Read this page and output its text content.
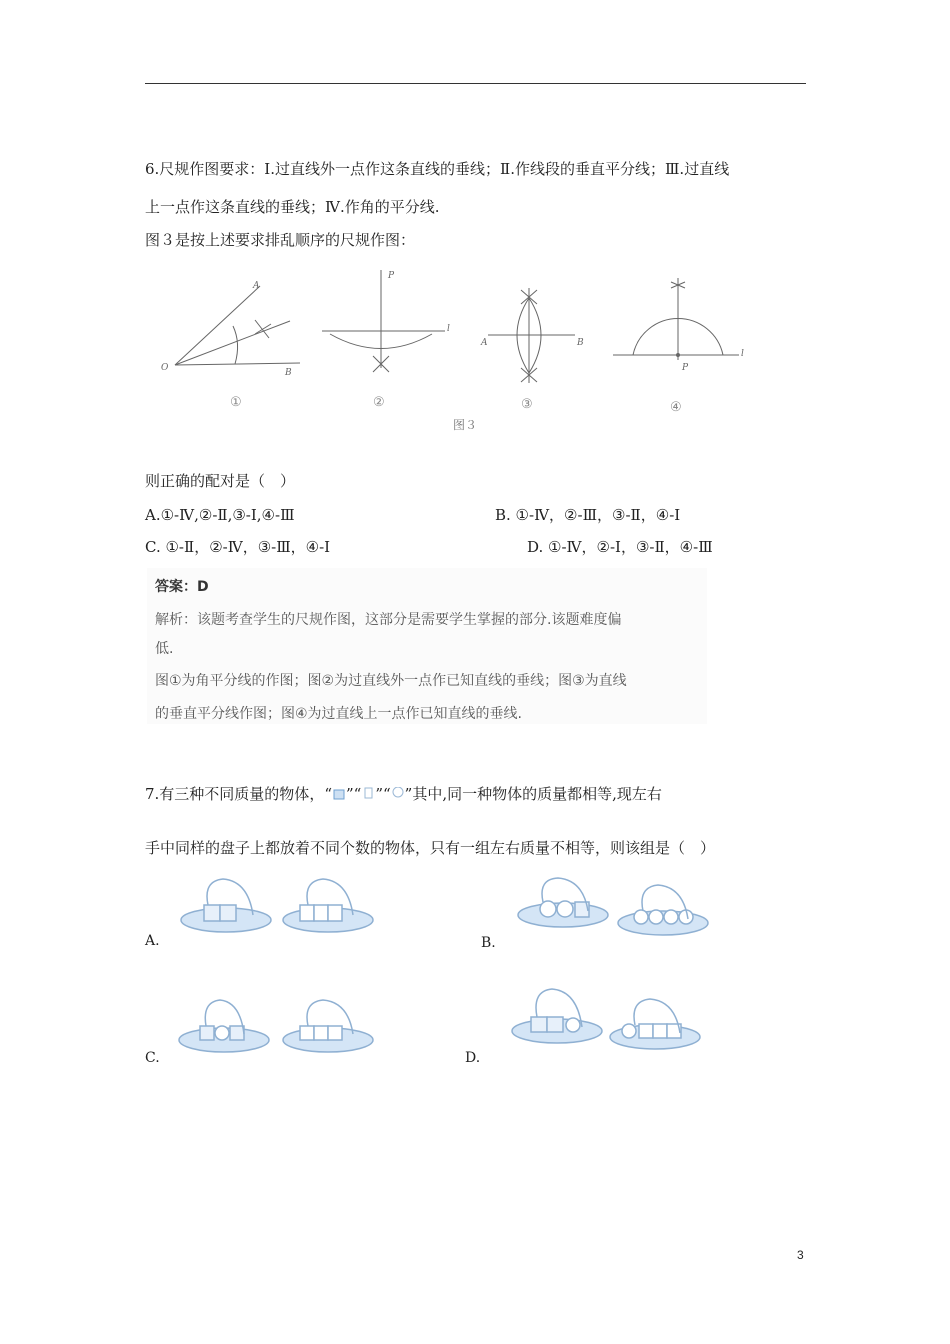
6.尺规作图要求：Ⅰ.过直线外一点作这条直线的垂线；Ⅱ.作线段的垂直平分线；Ⅲ.过直线
上一点作这条直线的垂线；Ⅳ.作角的平分线.
图３是按上述要求排乱顺序的尺规作图：
A
O	B
P
l
A	B
l
P
①	②	③	④
图３
则正确的配对是（　）
A.①-Ⅳ,②-Ⅱ,③-Ⅰ,④-Ⅲ	B. ①-Ⅳ，②-Ⅲ，③-Ⅱ，④-Ⅰ
C. ①-Ⅱ，②-Ⅳ，③-Ⅲ，④-Ⅰ	D. ①-Ⅳ，②-Ⅰ，③-Ⅱ，④-Ⅲ
答案：D
解析：该题考查学生的尺规作图，这部分是需要学生掌握的部分.该题难度偏
低.
图①为角平分线的作图；图②为过直线外一点作已知直线的垂线；图③为直线
的垂直平分线作图；图④为过直线上一点作已知直线的垂线.
7.有三种不同质量的物体，“ ”“ ”“ ”其中,同一种物体的质量都相等,现左右
手中同样的盘子上都放着不同个数的物体，只有一组左右质量不相等，则该组是（　）
A.	B.
C.	D.
3
